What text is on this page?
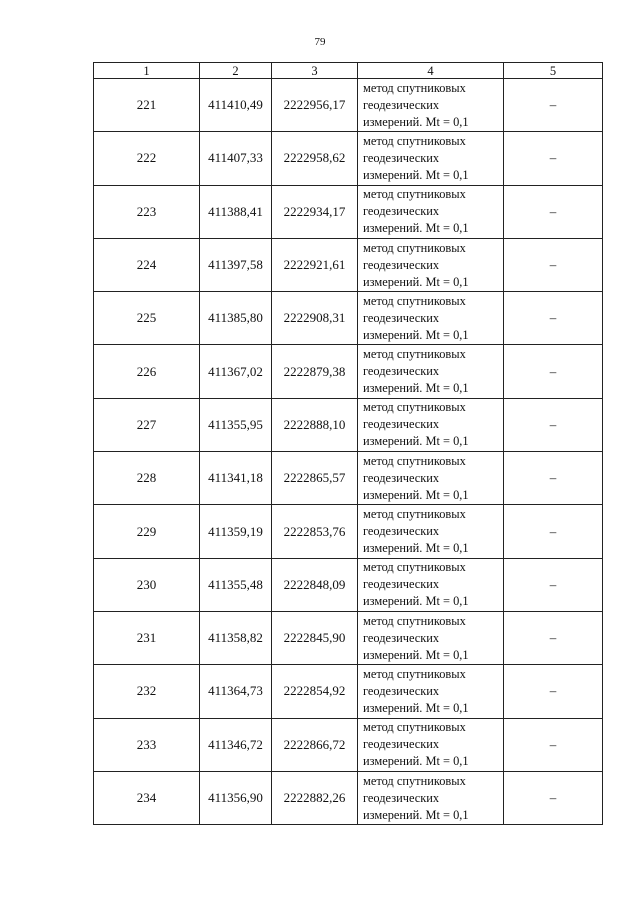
79
1	2	3	4	5
221	411410,49	2222956,17	метод спутниковых
геодезических
измерений. Mt = 0,1	–
222	411407,33	2222958,62	метод спутниковых
геодезических
измерений. Mt = 0,1	–
223	411388,41	2222934,17	метод спутниковых
геодезических
измерений. Mt = 0,1	–
224	411397,58	2222921,61	метод спутниковых
геодезических
измерений. Mt = 0,1	–
225	411385,80	2222908,31	метод спутниковых
геодезических
измерений. Mt = 0,1	–
226	411367,02	2222879,38	метод спутниковых
геодезических
измерений. Mt = 0,1	–
227	411355,95	2222888,10	метод спутниковых
геодезических
измерений. Mt = 0,1	–
228	411341,18	2222865,57	метод спутниковых
геодезических
измерений. Mt = 0,1	–
229	411359,19	2222853,76	метод спутниковых
геодезических
измерений. Mt = 0,1	–
230	411355,48	2222848,09	метод спутниковых
геодезических
измерений. Mt = 0,1	–
231	411358,82	2222845,90	метод спутниковых
геодезических
измерений. Mt = 0,1	–
232	411364,73	2222854,92	метод спутниковых
геодезических
измерений. Mt = 0,1	–
233	411346,72	2222866,72	метод спутниковых
геодезических
измерений. Mt = 0,1	–
234	411356,90	2222882,26	метод спутниковых
геодезических
измерений. Mt = 0,1	–
